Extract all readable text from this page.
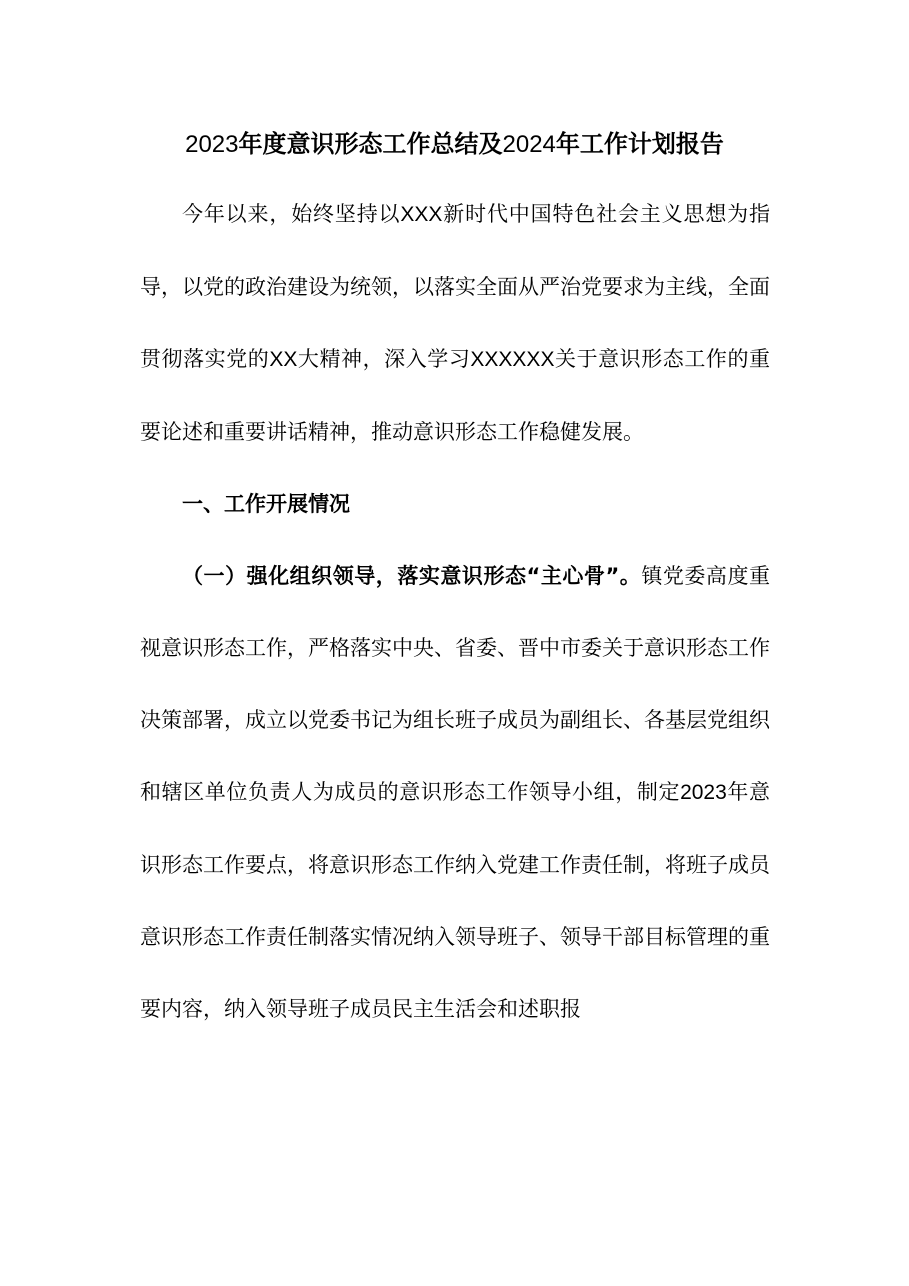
2023年度意识形态工作总结及2024年工作计划报告

今年以来，始终坚持以XXX新时代中国特色社会主义思想为指导，以党的政治建设为统领，以落实全面从严治党要求为主线，全面贯彻落实党的XX大精神，深入学习XXXXXX关于意识形态工作的重要论述和重要讲话精神，推动意识形态工作稳健发展。

一、工作开展情况

（一）强化组织领导，落实意识形态“主心骨”。镇党委高度重视意识形态工作，严格落实中央、省委、晋中市委关于意识形态工作决策部署，成立以党委书记为组长班子成员为副组长、各基层党组织和辖区单位负责人为成员的意识形态工作领导小组，制定2023年意识形态工作要点，将意识形态工作纳入党建工作责任制，将班子成员意识形态工作责任制落实情况纳入领导班子、领导干部目标管理的重要内容，纳入领导班子成员民主生活会和述职报
